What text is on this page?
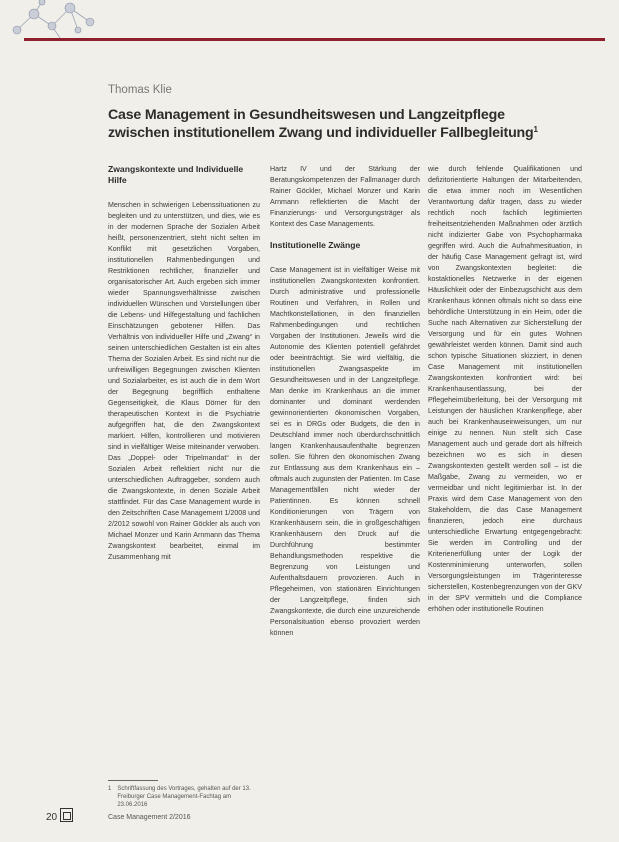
Thomas Klie
Case Management in Gesundheitswesen und Langzeitpflege
zwischen institutionellem Zwang und individueller Fallbegleitung$^1$
Zwangskontexte und Individuelle Hilfe

Menschen in schwierigen Lebenssituationen zu begleiten und zu unterstützen, und dies, wie es in der modernen Sprache der Sozialen Arbeit heißt, personenzentriert, steht nicht selten im Konflikt mit gesetzlichen Vorgaben, institutionellen Rahmenbedingungen und Restriktionen rechtlicher, finanzieller und organisatorischer Art. Auch ergeben sich immer wieder Spannungsverhältnisse zwischen individuellen Wünschen und Vorstellungen über die Lebens- und Hilfegestaltung und fachlichen Einschätzungen gebotener Hilfen. Das Verhältnis von individueller Hilfe und „Zwang“ in seinen unterschiedlichen Gestalten ist ein altes Thema der Sozialen Arbeit. Es sind nicht nur die unfreiwilligen Begegnungen zwischen Klienten und Sozialarbeiter, es ist auch die in dem Wort der Begegnung begrifflich enthaltene Gegenseitigkeit, die Klaus Dörner für den therapeutischen Kontext in die Psychiatrie aufgegriffen hat, die den Zwangskontext markiert. Hilfen, kontrollieren und motivieren sind in vielfältiger Weise miteinander verwoben. Das „Doppel- oder Tripelmandat“ in der Sozialen Arbeit reflektiert nicht nur die unterschiedlichen Auftraggeber, sondern auch die Zwangskontexte, in denen Soziale Arbeit stattfindet. Für das Case Management wurde in den Zeitschriften Case Management 1/2008 und 2/2012 sowohl von Rainer Göckler als auch von Michael Monzer und Karin Arnmann das Thema Zwangskontext bearbeitet, einmal im Zusammenhang mit

Hartz IV und der Stärkung der Beratungskompetenzen der Fallmanager durch Rainer Göckler, Michael Monzer und Karin Arnmann reflektierten die Macht der Finanzierungs- und Versorgungsträger als Kontext des Case Managements.

Institutionelle Zwänge

Case Management ist in vielfältiger Weise mit institutionellen Zwangskontexten konfrontiert. Durch administrative und professionelle Routinen und Verfahren, in Rollen und Machtkonstellationen, in den finanziellen Rahmenbedingungen und rechtlichen Vorgaben der Institutionen. Jeweils wird die Autonomie des Klienten potentiell gefährdet oder beeinträchtigt. Sie wird vielfältig, die institutionellen Zwangsaspekte im Gesundheitswesen und in der Langzeitpflege. Man denke im Krankenhaus an die immer dominanter und dominant werdenden gewinnorientierten ökonomischen Vorgaben, sei es in DRGs oder Budgets, die den in Deutschland immer noch überdurchschnittlich langen Krankenhausaufenthalte begrenzen sollen. Sie führen den ökonomischen Zwang zur Entlassung aus dem Krankenhaus ein – oftmals auch zugunsten der Patienten. Im Case Managementfällen nicht wieder der Patientinnen. Es können schnell Konditionierungen von Trägern von Krankenhäusern sein, die in großgeschäftigen Krankenhäusern den Druck auf die Durchführung bestimmter Behandlungsmethoden respektive die Begrenzung von Leistungen und Aufenthaltsdauern provozieren. Auch in Pflegeheimen, von stationären Einrichtungen der Langzeitpflege, finden sich Zwangskontexte, die durch eine unzureichende Personalsituation ebenso provoziert werden können

wie durch fehlende Qualifikationen und defizitorientierte Haltungen der Mitarbeitenden, die etwa immer noch im Wesentlichen Verantwortung dafür tragen, dass zu wieder rechtlich noch fachlich legitimierten freiheitsentziehenden Maßnahmen oder ärztlich nicht indizierter Gabe von Psychopharmaka gegriffen wird. Auch die Aufnahmesituation, in der häufig Case Management gefragt ist, wird von Zwangskontexten begleitet: die kostaktionelles Netzwerke in der eigenen Häuslichkeit oder der Einbezugschicht aus dem Krankenhaus können oftmals nicht so dass eine behördliche Unterstützung in ein Heim, oder die Suche nach Alternativen zur Sicherstellung der Versorgung und für ein gutes Wohnen gewährleistet werden können. Damit sind auch schon typische Situationen skizziert, in denen Case Management mit institutionellen Zwangskontexten konfrontiert wird: bei Krankenhausentlassung, bei der Pflegeheimüberleitung, bei der Versorgung mit Leistungen der häuslichen Krankenpflege, aber auch bei Krankenhauseinweisungen, um nur einige zu nennen. Nun stellt sich Case Management auch und gerade dort als hilfreich bezeichnen wo es sich in diesen Zwangskontexten gestellt werden soll – ist die Maßgabe, Zwang zu vermeiden, wo er vermeidbar und nicht legitimierbar ist. In der Praxis wird dem Case Management von den Stakeholdern, die das Case Management finanzieren, jedoch eine durchaus unterschiedliche Erwartung entgegengebracht: Sie werden im Controlling und der Kriterienerfüllung unter der Logik der Kostenminimierung unterworfen, sollen Versorgungsleistungen im Trägerinteresse sicherstellen, Kostenbegrenzungen von der GKV in der SPV vermitteln und die Compliance erhöhen oder institutionelle Routinen

1 Schriftfassung des Vortrages, gehalten auf der 13. Freiburger Case Management-Fachtag am 23.06.2016
20	Case Management 2/2016
